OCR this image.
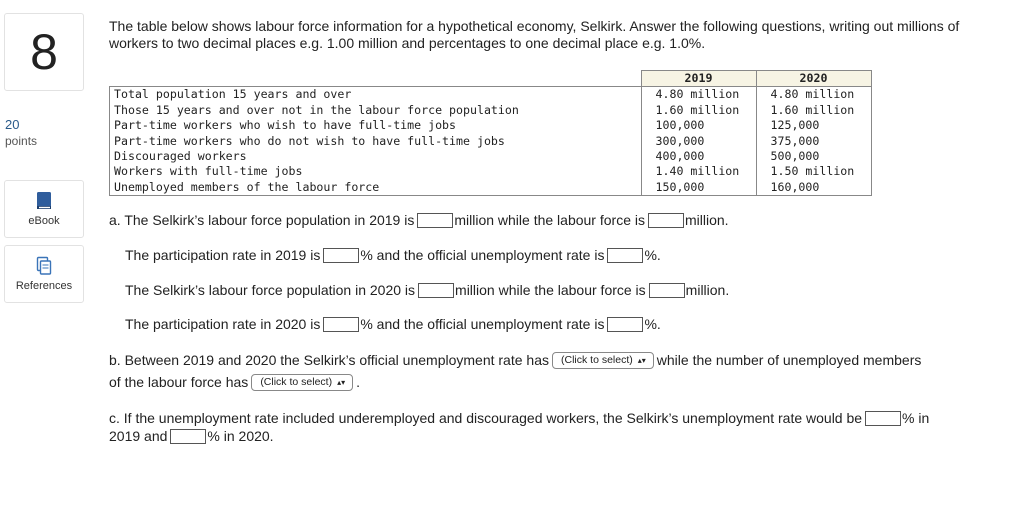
8
20
points
eBook
References
The table below shows labour force information for a hypothetical economy, Selkirk. Answer the following questions, writing out millions of workers to two decimal places e.g. 1.00 million and percentages to one decimal place e.g. 1.0%.
	2019	2020
Total population 15 years and over	4.80 million	4.80 million
Those 15 years and over not in the labour force population	1.60 million	1.60 million
Part-time workers who wish to have full-time jobs	100,000	125,000
Part-time workers who do not wish to have full-time jobs	300,000	375,000
Discouraged workers	400,000	500,000
Workers with full-time jobs	1.40 million	1.50 million
Unemployed members of the labour force	150,000	160,000
a. The Selkirk’s labour force population in 2019 is	million while the labour force is	million.
The participation rate in 2019 is	% and the official unemployment rate is	%.
The Selkirk’s labour force population in 2020 is	million while the labour force is	million.
The participation rate in 2020 is	% and the official unemployment rate is	%.
b. Between 2019 and 2020 the Selkirk’s official unemployment rate has (Click to select) ▴▾ while the number of unemployed members
of the labour force has (Click to select) ▴▾ .
c. If the unemployment rate included underemployed and discouraged workers, the Selkirk’s unemployment rate would be	% in
2019 and	% in 2020.
